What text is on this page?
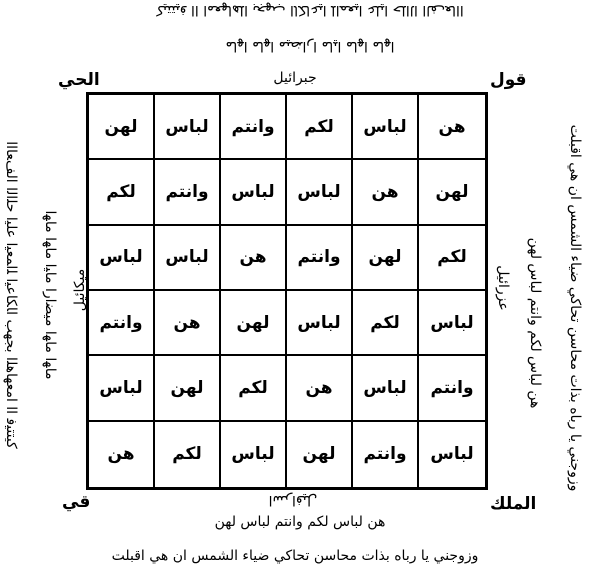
ﻛﻴﺘﺘﻴﻓ ﺍﺍ ﺍﻣﻌﻬﺎﻫﻠﺍ ﺑﺠﻬﺐ ﺍﺎﻜﺎﻋﻴﺍ ﻠﺍﻤﻌﻴﺍ ﻋﻠﻴﺍ ﺣﻠﺍﻟﺍ ﺍﻟﻒﻌﺎﺍﺍ
ﻣﺎﻬﺍ ﻣﺎﻬﺍ ﻣﻴﻀﺍﺭﺍ ﻣﺎﻴﺍ ﻣﺎﻬﺍ ﻣﺎﻬﺍ
ﻛﻴﺘﺘﻴﻓ ﺍﺍ ﺍﻣﻌﻬﺎﻫﻠﺍ ﺑﺠﻬﺐ ﺍﺎﻜﺎﻋﻴﺍ ﻠﺍﻤﻌﻴﺍ ﻋﻠﻴﺍ ﺣﻠﺍﻟﺍ ﺍﻟﻒﻌﺎﺍﺍ ﻣﺎﻬﺍ ﻣﺎﻬﺍ ﻣﻴﻀﺍﺭﺍ ﻣﺎﻴﺍ ﻣﺎﻬﺍ ﻣﺎﻬﺍ	هن لباس لكم وانتم لباس لهن وزوجني يا رباه بذات محاسن تحاكي ضياء الشمس ان هي اقبلت
الحي	قول
قي	الملك
جبرائيل
ميكائيل	عزرائيل
اسرافيل
هن لباس لكم وانتم لباس لهن
وزوجني يا رباه بذات محاسن تحاكي ضياء الشمس ان هي اقبلت
لهن	لباس	وانتم	لكم	لباس	هن
لكم	وانتم	لباس	لباس	هن	لهن
لباس	لباس	هن	وانتم	لهن	لكم
وانتم	هن	لهن	لباس	لكم	لباس
لباس	لهن	لكم	هن	لباس	وانتم
هن	لكم	لباس	لهن	وانتم	لباس
